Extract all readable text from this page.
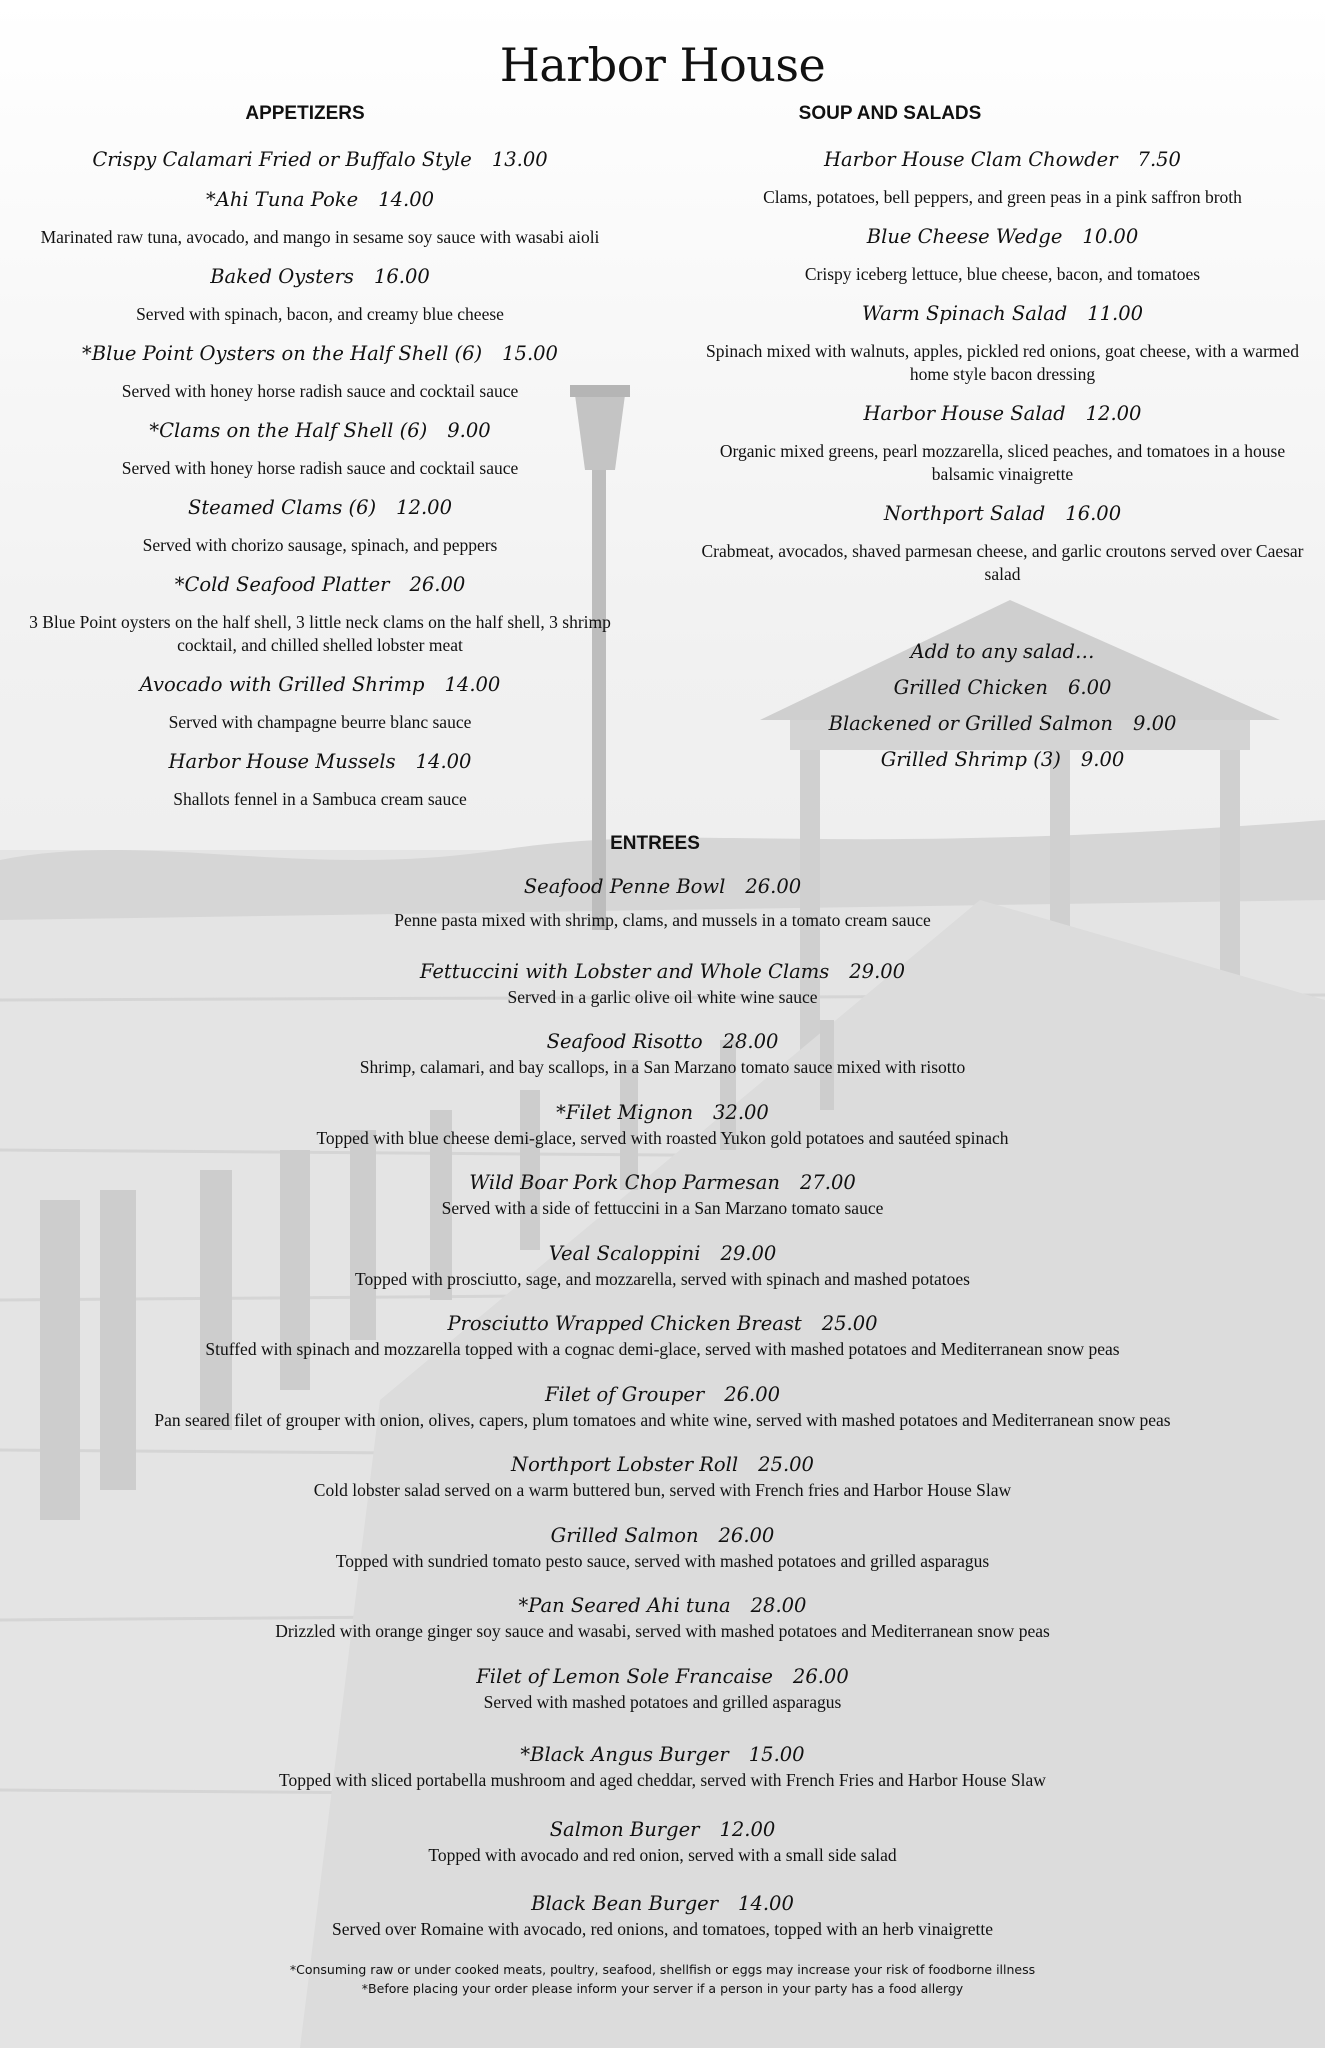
Harbor House
APPETIZERS
Crispy Calamari Fried or Buffalo Style 13.00
*Ahi Tuna Poke 14.00
Marinated raw tuna, avocado, and mango in sesame soy sauce with wasabi aioli
Baked Oysters 16.00
Served with spinach, bacon, and creamy blue cheese
*Blue Point Oysters on the Half Shell (6) 15.00
Served with honey horse radish sauce and cocktail sauce
*Clams on the Half Shell (6) 9.00
Served with honey horse radish sauce and cocktail sauce
Steamed Clams (6) 12.00
Served with chorizo sausage, spinach, and peppers
*Cold Seafood Platter 26.00
3 Blue Point oysters on the half shell, 3 little neck clams on the half shell, 3 shrimp cocktail, and chilled shelled lobster meat
Avocado with Grilled Shrimp 14.00
Served with champagne beurre blanc sauce
Harbor House Mussels 14.00
Shallots fennel in a Sambuca cream sauce
SOUP AND SALADS
Harbor House Clam Chowder 7.50
Clams, potatoes, bell peppers, and green peas in a pink saffron broth
Blue Cheese Wedge 10.00
Crispy iceberg lettuce, blue cheese, bacon, and tomatoes
Warm Spinach Salad 11.00
Spinach mixed with walnuts, apples, pickled red onions, goat cheese, with a warmed home style bacon dressing
Harbor House Salad 12.00
Organic mixed greens, pearl mozzarella, sliced peaches, and tomatoes in a house balsamic vinaigrette
Northport Salad 16.00
Crabmeat, avocados, shaved parmesan cheese, and garlic croutons served over Caesar salad
Add to any salad…
Grilled Chicken 6.00
Blackened or Grilled Salmon 9.00
Grilled Shrimp (3) 9.00
ENTREES
Seafood Penne Bowl 26.00
Penne pasta mixed with shrimp, clams, and mussels in a tomato cream sauce
Fettuccini with Lobster and Whole Clams 29.00
Served in a garlic olive oil white wine sauce
Seafood Risotto 28.00
Shrimp, calamari, and bay scallops, in a San Marzano tomato sauce mixed with risotto
*Filet Mignon 32.00
Topped with blue cheese demi-glace, served with roasted Yukon gold potatoes and sautéed spinach
Wild Boar Pork Chop Parmesan 27.00
Served with a side of fettuccini in a San Marzano tomato sauce
Veal Scaloppini 29.00
Topped with prosciutto, sage, and mozzarella, served with spinach and mashed potatoes
Prosciutto Wrapped Chicken Breast 25.00
Stuffed with spinach and mozzarella topped with a cognac demi-glace, served with mashed potatoes and Mediterranean snow peas
Filet of Grouper 26.00
Pan seared filet of grouper with onion, olives, capers, plum tomatoes and white wine, served with mashed potatoes and Mediterranean snow peas
Northport Lobster Roll 25.00
Cold lobster salad served on a warm buttered bun, served with French fries and Harbor House Slaw
Grilled Salmon 26.00
Topped with sundried tomato pesto sauce, served with mashed potatoes and grilled asparagus
*Pan Seared Ahi tuna 28.00
Drizzled with orange ginger soy sauce and wasabi, served with mashed potatoes and Mediterranean snow peas
Filet of Lemon Sole Francaise 26.00
Served with mashed potatoes and grilled asparagus
*Black Angus Burger 15.00
Topped with sliced portabella mushroom and aged cheddar, served with French Fries and Harbor House Slaw
Salmon Burger 12.00
Topped with avocado and red onion, served with a small side salad
Black Bean Burger 14.00
Served over Romaine with avocado, red onions, and tomatoes, topped with an herb vinaigrette
*Consuming raw or under cooked meats, poultry, seafood, shellfish or eggs may increase your risk of foodborne illness
*Before placing your order please inform your server if a person in your party has a food allergy
